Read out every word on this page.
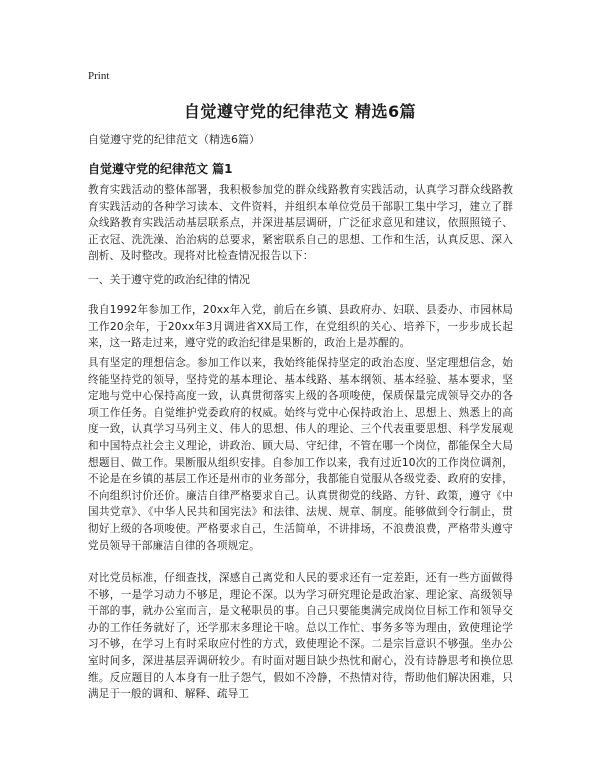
Print
自觉遵守党的纪律范文 精选6篇
自觉遵守党的纪律范文（精选6篇）
自觉遵守党的纪律范文 篇1
教育实践活动的整体部署，我积极参加党的群众线路教育实践活动，认真学习群众线路教育实践活动的各种学习读本、文件资料，并组织本单位党员干部职工集中学习，建立了群众线路教育实践活动基层联系点，并深进基层调研，广泛征求意见和建议，依照照镜子、正衣冠、洗洗澡、治治病的总要求，紧密联系自己的思想、工作和生活，认真反思、深入剖析、及时整改。现将对比检查情况报告以下：
一、关于遵守党的政治纪律的情况
我自1992年参加工作，20xx年入党，前后在乡镇、县政府办、妇联、县委办、市园林局工作20余年，于20xx年3月调进省XX局工作，在党组织的关心、培养下，一步步成长起来，这一路走过来，遵守党的政治纪律是果断的，政治上是苏醒的。
具有坚定的理想信念。参加工作以来，我始终能保持坚定的政治态度、坚定理想信念，始终能坚持党的领导，坚持党的基本理论、基本线路、基本纲领、基本经验、基本要求，坚定地与党中心保持高度一致，认真贯彻落实上级的各项唆使，保质保量完成领导交办的各项工作任务。自觉维护党委政府的权威。始终与党中心保持政治上、思想上、熟悉上的高度一致，认真学习马列主义、伟人的思想、伟人的理论、三个代表重要思想、科学发展观和中国特点社会主义理论，讲政治、顾大局、守纪律，不管在哪一个岗位，都能保全大局想题目、做工作。果断服从组织安排。自参加工作以来，我有过近10次的工作岗位调剂，不论是在乡镇的基层工作还是州市的业务部分，我都能自觉服从各级党委、政府的安排，不向组织讨价还价。廉洁自律严格要求自己。认真贯彻党的线路、方针、政策，遵守《中国共党章》、《中华人民共和国宪法》和法律、法规、规章、制度。能够做到令行制止，贯彻好上级的各项唆使。严格要求自己，生活简单，不讲排场，不浪费浪费，严格带头遵守党员领导干部廉洁自律的各项规定。
对比党员标准，仔细查找，深感自己离党和人民的要求还有一定差距，还有一些方面做得不够，一是学习动力不够足，理论不深。以为学习研究理论是政治家、理论家、高级领导干部的事，就办公室而言，是文秘职员的事。自己只要能奥满完成岗位目标工作和领导交办的工作任务就好了，还学那末多理论干啥。总以工作忙、事务多等为理由，致使理论学习不够，在学习上有时采取应付性的方式，致使理论不深。二是宗旨意识不够强。坐办公室时间多，深进基层弄调研较少。有时面对题目缺少热忱和耐心，没有诗静思考和换位思维。反应题目的人本身有一肚子怨气，假如不冷静，不热情对待，帮助他们解决困难，只满足于一般的调和、解释、疏导工
